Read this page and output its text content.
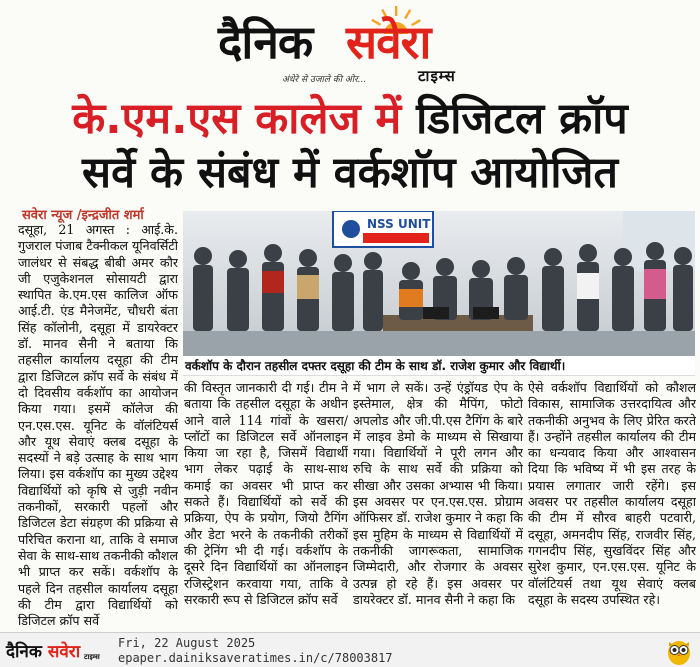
दैनिक सवेरा
अंधेरे से उजाले की ओर...	टाइम्स
के.एम.एस कालेज में डिजिटल क्रॉप
सर्वे के संबंध में वर्कशॉप आयोजित
सवेरा न्यूज /इन्द्रजीत शर्मा
दसूहा, 21 अगस्त : आई.के. गुजराल पंजाब टैक्नीकल यूनिवर्सिटी जालंधर से संबद्ध बीबी अमर कौर जी एजुकेशनल सोसायटी द्वारा स्थापित के.एम.एस कालिज ऑफ आई.टी. एंड मैनेजमेंट, चौधरी बंता सिंह कॉलोनी, दसूहा में डायरेक्टर डॉ. मानव सैनी ने बताया कि तहसील कार्यालय दसूहा की टीम द्वारा डिजिटल क्रॉप सर्वे के संबंध में दो दिवसीय वर्कशॉप का आयोजन किया गया। इसमें कॉलेज की एन.एस.एस. यूनिट के वॉलंटियर्स और यूथ सेवाएं क्लब दसूहा के सदस्यों ने बड़े उत्साह के साथ भाग लिया। इस वर्कशॉप का मुख्य उद्देश्य विद्यार्थियों को कृषि से जुड़ी नवीन तकनीकों, सरकारी पहलों और डिजिटल डेटा संग्रहण की प्रक्रिया से परिचित कराना था, ताकि वे समाज सेवा के साथ-साथ तकनीकी कौशल भी प्राप्त कर सकें। वर्कशॉप के पहले दिन तहसील कार्यालय दसूहा की टीम द्वारा विद्यार्थियों को डिजिटल क्रॉप सर्वे
NSS UNIT
वर्कशॉप के दौरान तहसील दफ्तर दसूहा की टीम के साथ डॉ. राजेश कुमार और विद्यार्थी।
की विस्तृत जानकारी दी गई। टीम ने बताया कि तहसील दसूहा के अधीन आने वाले 114 गांवों के खसरा/प्लॉटों का डिजिटल सर्वे ऑनलाइन किया जा रहा है, जिसमें विद्यार्थी भाग लेकर पढ़ाई के साथ-साथ कमाई का अवसर भी प्राप्त कर सकते हैं। विद्यार्थियों को सर्वे की प्रक्रिया, ऐप के प्रयोग, जियो टैगिंग और डेटा भरने के तकनीकी तरीकों की ट्रेनिंग भी दी गई। वर्कशॉप के दूसरे दिन विद्यार्थियों का ऑनलाइन रजिस्ट्रेशन करवाया गया, ताकि वे सरकारी रूप से डिजिटल क्रॉप सर्वे
में भाग ले सकें। उन्हें एंड्रॉयड ऐप के इस्तेमाल, क्षेत्र की मैपिंग, फोटो अपलोड और जी.पी.एस टैगिंग के बारे में लाइव डेमो के माध्यम से सिखाया गया। विद्यार्थियों ने पूरी लगन और रुचि के साथ सर्वे की प्रक्रिया को सीखा और उसका अभ्यास भी किया। इस अवसर पर एन.एस.एस. प्रोग्राम ऑफिसर डॉ. राजेश कुमार ने कहा कि इस मुहिम के माध्यम से विद्यार्थियों में तकनीकी जागरूकता, सामाजिक जिम्मेदारी, और रोजगार के अवसर उत्पन्न हो रहे हैं। इस अवसर पर डायरेक्टर डॉ. मानव सैनी ने कहा कि
ऐसे वर्कशॉप विद्यार्थियों को कौशल विकास, सामाजिक उत्तरदायित्व और तकनीकी अनुभव के लिए प्रेरित करते हैं। उन्होंने तहसील कार्यालय की टीम का धन्यवाद किया और आश्वासन दिया कि भविष्य में भी इस तरह के प्रयास लगातार जारी रहेंगे। इस अवसर पर तहसील कार्यालय दसूहा की टीम में सौरव बाहरी पटवारी, दसूहा, अमनदीप सिंह, राजवीर सिंह, गगनदीप सिंह, सुखविंदर सिंह और सुरेश कुमार, एन.एस.एस. यूनिट के वॉलंटियर्स तथा यूथ सेवाएं क्लब दसूहा के सदस्य उपस्थित रहे।
दैनिक सवेरा टाइम्स
Fri, 22 August 2025
epaper.dainiksaveratimes.in/c/78003817
